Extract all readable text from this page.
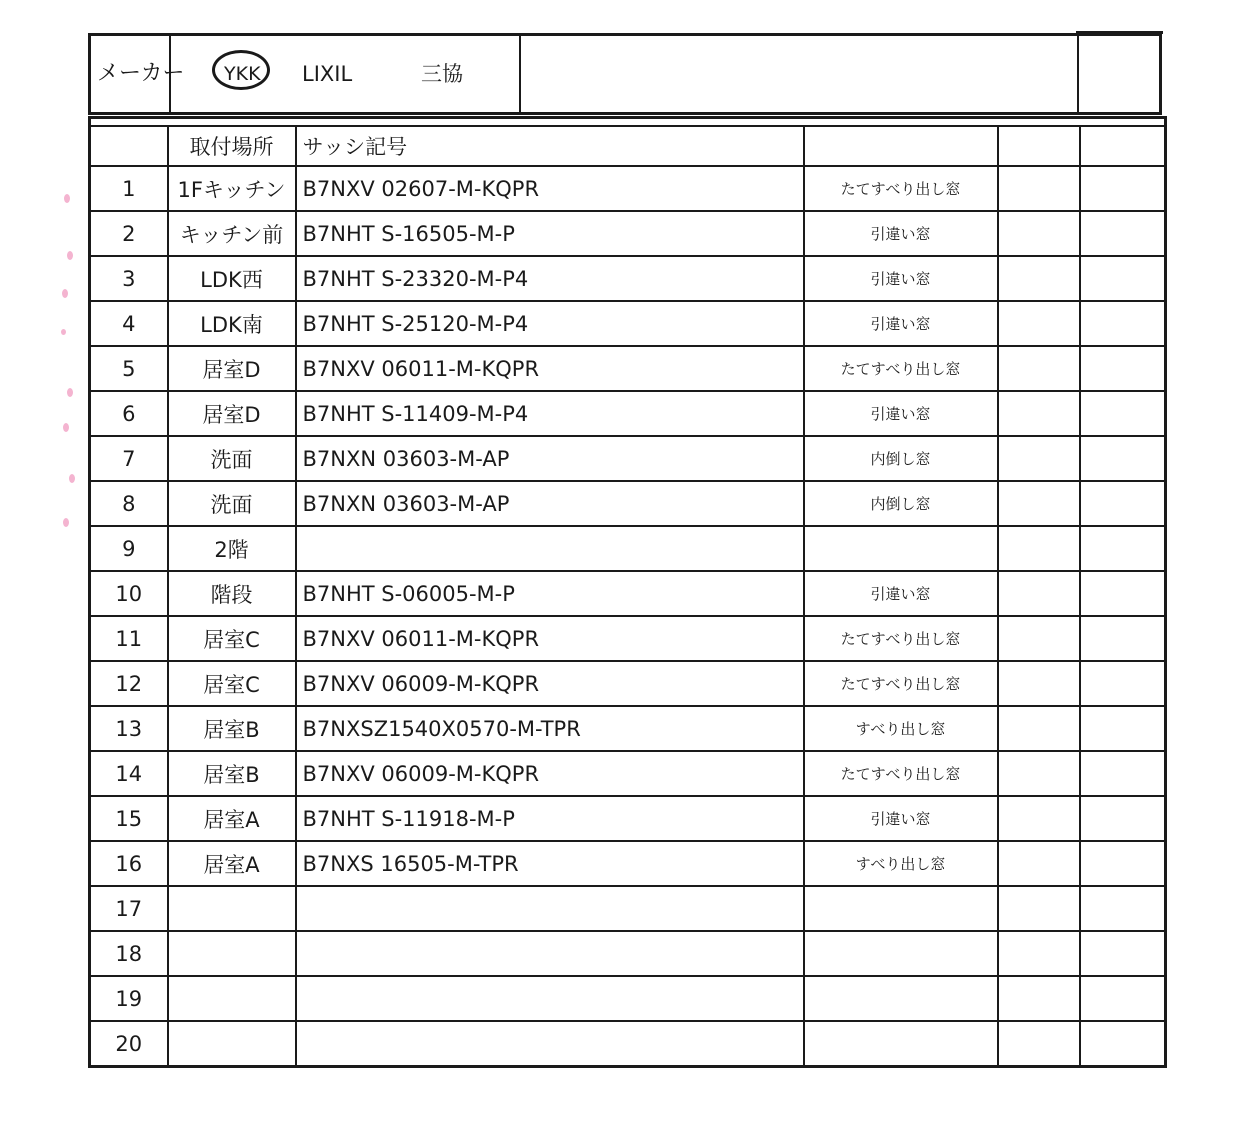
メーカー YKK LIXIL	三協

	取付場所	サッシ記号			
1	1Fキッチン	B7NXV 02607-M-KQPR	たてすべり出し窓		
2	キッチン前	B7NHT S-16505-M-P	引違い窓		
3	LDK西	B7NHT S-23320-M-P4	引違い窓		
4	LDK南	B7NHT S-25120-M-P4	引違い窓		
5	居室D	B7NXV 06011-M-KQPR	たてすべり出し窓		
6	居室D	B7NHT S-11409-M-P4	引違い窓		
7	洗面	B7NXN 03603-M-AP	内倒し窓		
8	洗面	B7NXN 03603-M-AP	内倒し窓		
9	2階				
10	階段	B7NHT S-06005-M-P	引違い窓		
11	居室C	B7NXV 06011-M-KQPR	たてすべり出し窓		
12	居室C	B7NXV 06009-M-KQPR	たてすべり出し窓		
13	居室B	B7NXSZ1540X0570-M-TPR	すべり出し窓		
14	居室B	B7NXV 06009-M-KQPR	たてすべり出し窓		
15	居室A	B7NHT S-11918-M-P	引違い窓		
16	居室A	B7NXS 16505-M-TPR	すべり出し窓		
17					
18					
19					
20					
